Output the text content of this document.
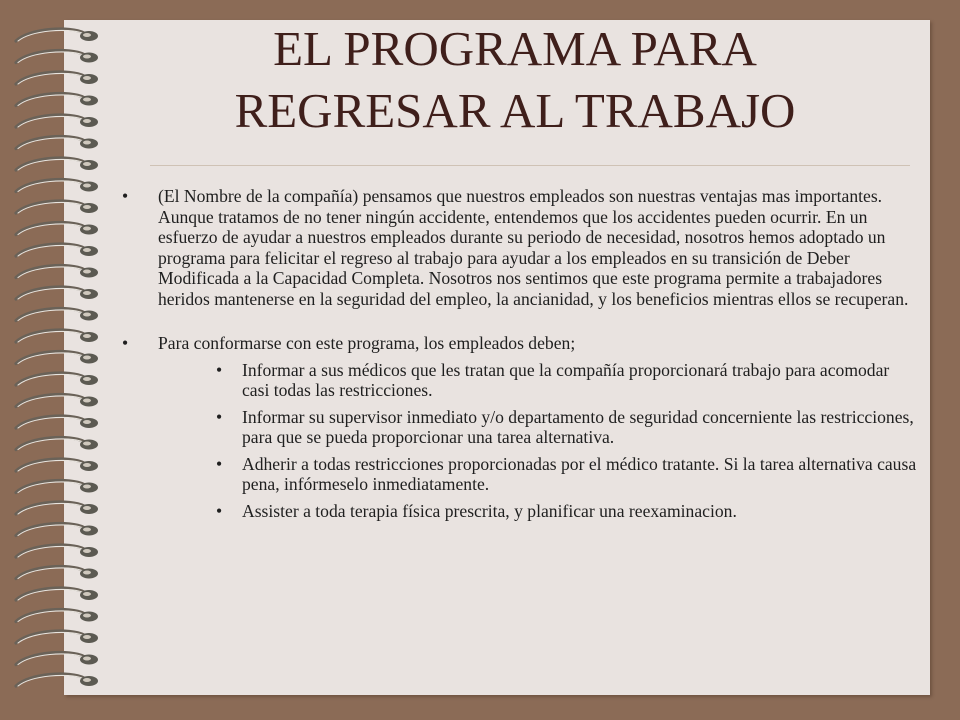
EL PROGRAMA PARA
REGRESAR AL TRABAJO

• (El Nombre de la compañía) pensamos que nuestros empleados son nuestras ventajas mas importantes. Aunque tratamos de no tener ningún accidente, entendemos que los accidentes pueden ocurrir. En un esfuerzo de ayudar a nuestros empleados durante su periodo de necesidad, nosotros hemos adoptado un programa para felicitar el regreso al trabajo para ayudar a los empleados en su transición de Deber Modificada a la Capacidad Completa. Nosotros nos sentimos que este programa permite a trabajadores heridos mantenerse en la seguridad del empleo, la ancianidad, y los beneficios mientras ellos se recuperan.

• Para conformarse con este programa, los empleados deben;

• Informar a sus médicos que les tratan que la compañía proporcionará trabajo para acomodar casi todas las restricciones.
• Informar su supervisor inmediato y/o departamento de seguridad concerniente las restricciones, para que se pueda proporcionar una tarea alternativa.
• Adherir a todas restricciones proporcionadas por el médico tratante. Si la tarea alternativa causa pena, infórmeselo inmediatamente.
• Assister a toda terapia física prescrita, y planificar una reexaminacion.
